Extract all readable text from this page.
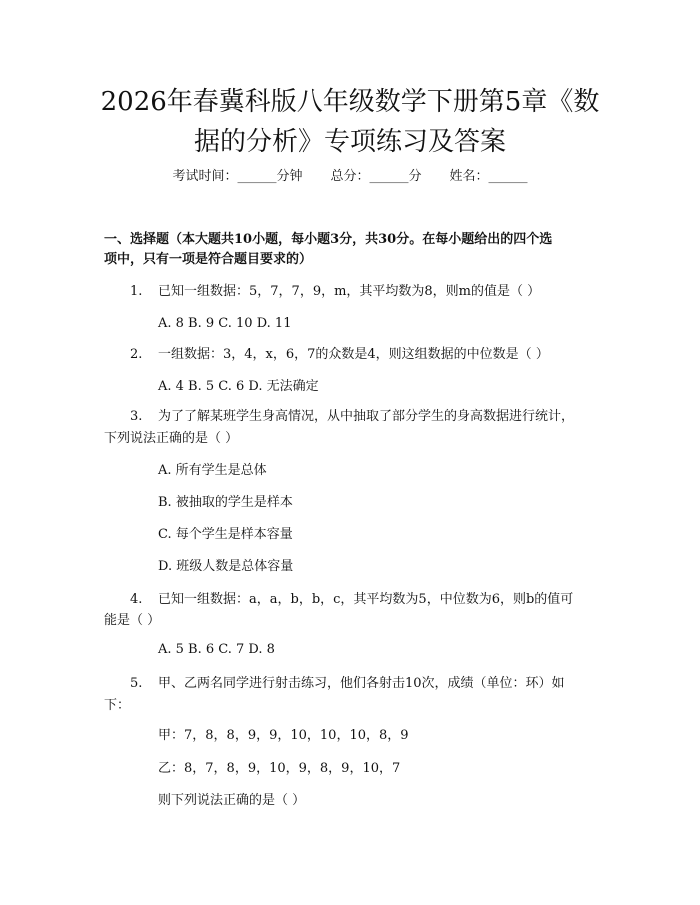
2026年春冀科版八年级数学下册第5章《数
据的分析》专项练习及答案
考试时间：______分钟 总分：______分 姓名：______
一、选择题（本大题共10小题，每小题3分，共30分。在每小题给出的四个选
项中，只有一项是符合题目要求的）
1. 已知一组数据：5，7，7，9，m，其平均数为8，则m的值是（ ）
A. 8 B. 9 C. 10 D. 11
2. 一组数据：3，4，x，6，7的众数是4，则这组数据的中位数是（ ）
A. 4 B. 5 C. 6 D. 无法确定
3. 为了了解某班学生身高情况，从中抽取了部分学生的身高数据进行统计，
下列说法正确的是（ ）
A. 所有学生是总体
B. 被抽取的学生是样本
C. 每个学生是样本容量
D. 班级人数是总体容量
4. 已知一组数据：a，a，b，b，c，其平均数为5，中位数为6，则b的值可
能是（ ）
A. 5 B. 6 C. 7 D. 8
5. 甲、乙两名同学进行射击练习，他们各射击10次，成绩（单位：环）如
下：
甲：7，8，8，9，9，10，10，10，8，9
乙：8，7，8，9，10，9，8，9，10，7
则下列说法正确的是（ ）
